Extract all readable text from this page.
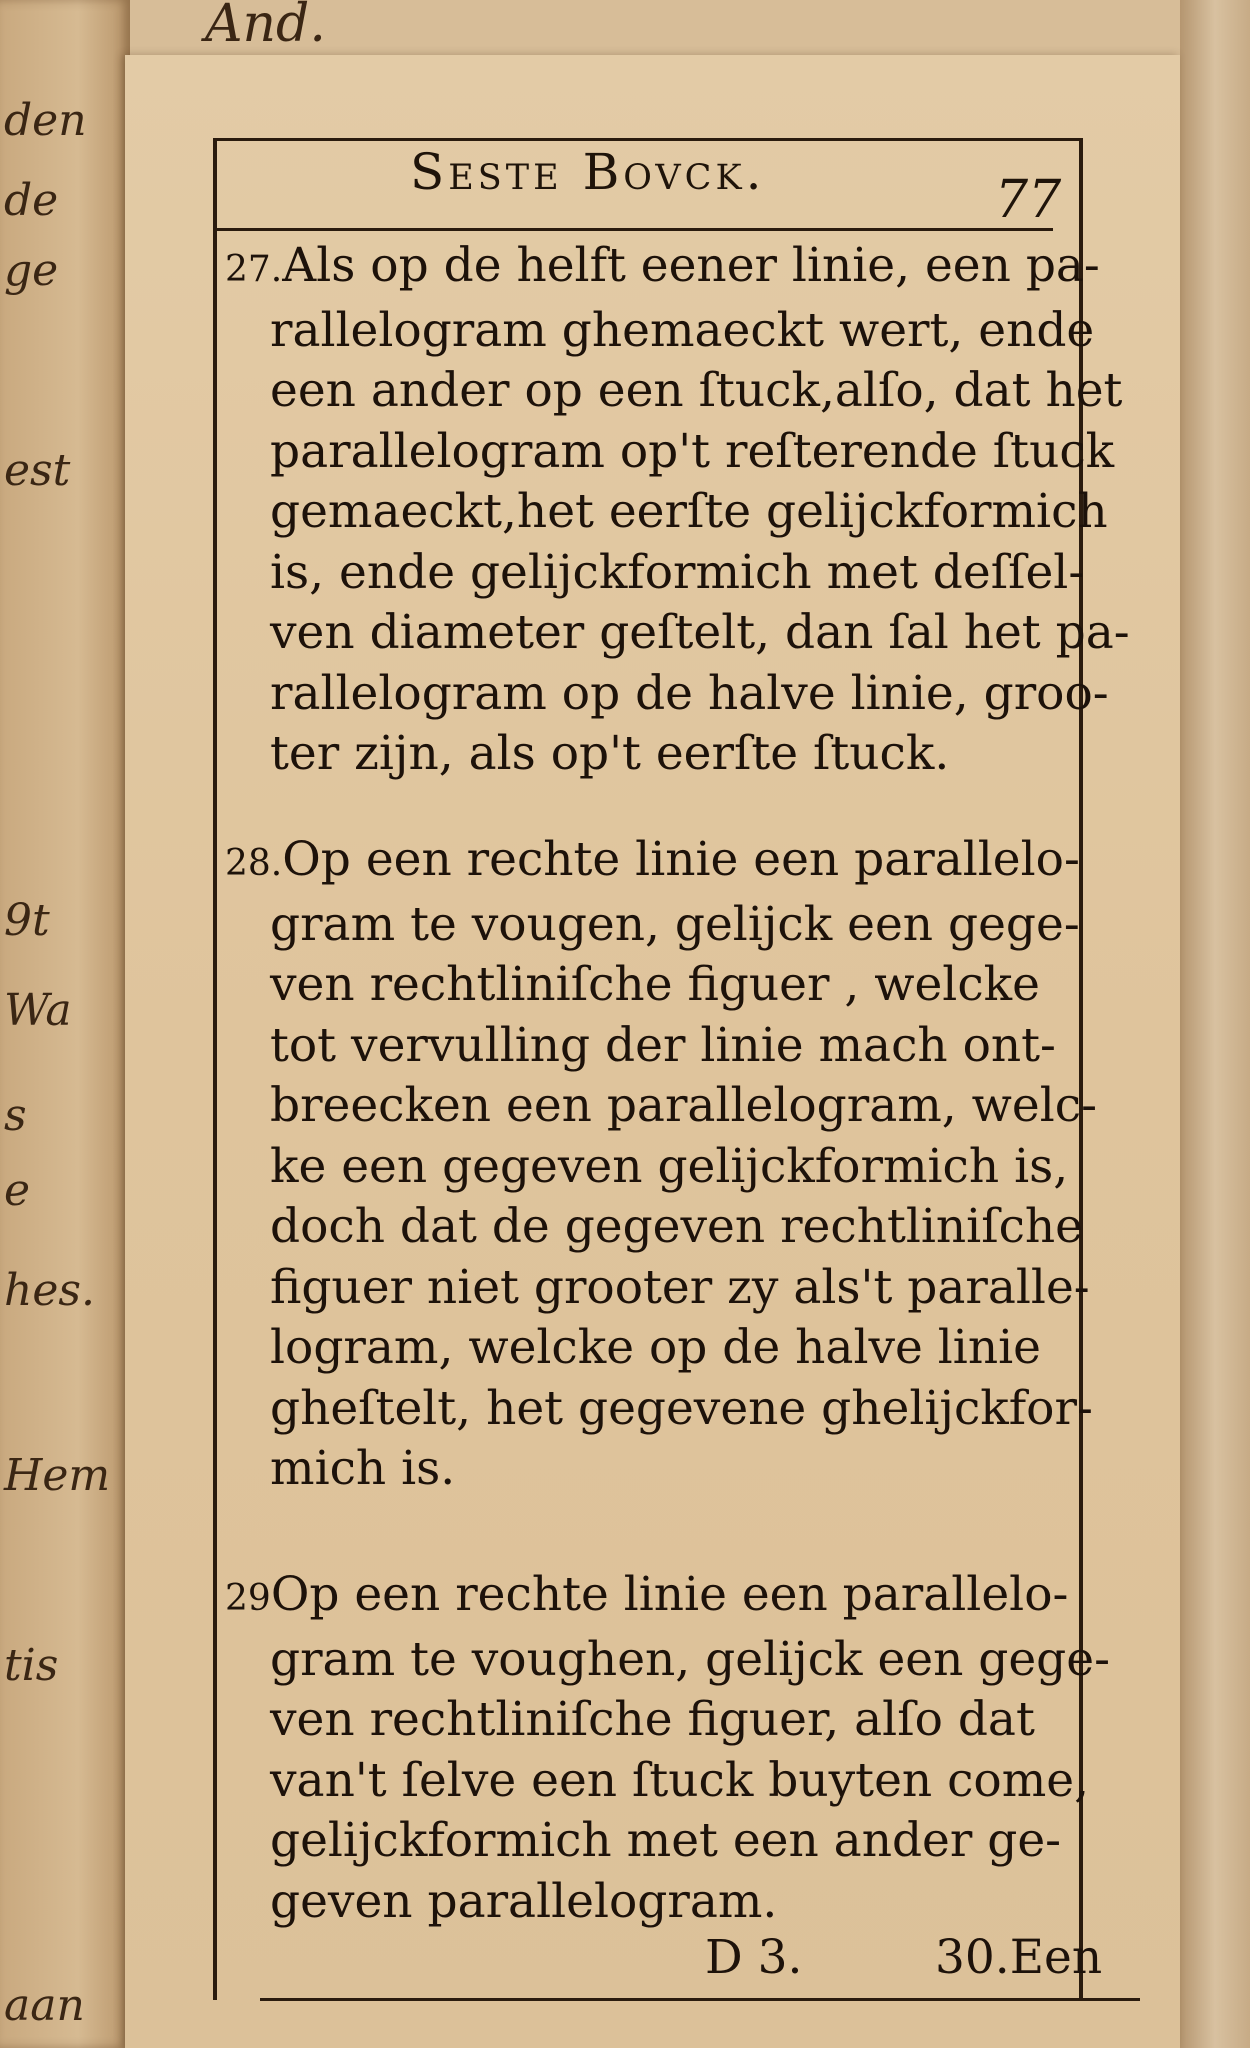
And.
den
de
ge
est
9t
Wa
s
e
hes.
Hem
tis
aan
Seste Bovck.	77
27.Als op de helft eener linie, een pa-
rallelogram ghemaeckt wert, ende
een ander op een ſtuck,alſo, dat het
parallelogram op't reſterende ſtuck
gemaeckt,het eerſte gelijckformich
is, ende gelijckformich met deſſel-
ven diameter geſtelt, dan ſal het pa-
rallelogram op de halve linie, groo-
ter zijn, als op't eerſte ſtuck.
28.Op een rechte linie een parallelo-
gram te vougen, gelijck een gege-
ven rechtliniſche figuer , welcke
tot vervulling der linie mach ont-
breecken een parallelogram, welc-
ke een gegeven gelijckformich is,
doch dat de gegeven rechtliniſche
figuer niet grooter zy als't paralle-
logram, welcke op de halve linie
gheſtelt, het gegevene ghelijckfor-
mich is.
29Op een rechte linie een parallelo-
gram te voughen, gelijck een gege-
ven rechtliniſche figuer, alſo dat
van't ſelve een ſtuck buyten come,
gelijckformich met een ander ge-
geven parallelogram.
D 3.	30.Een
